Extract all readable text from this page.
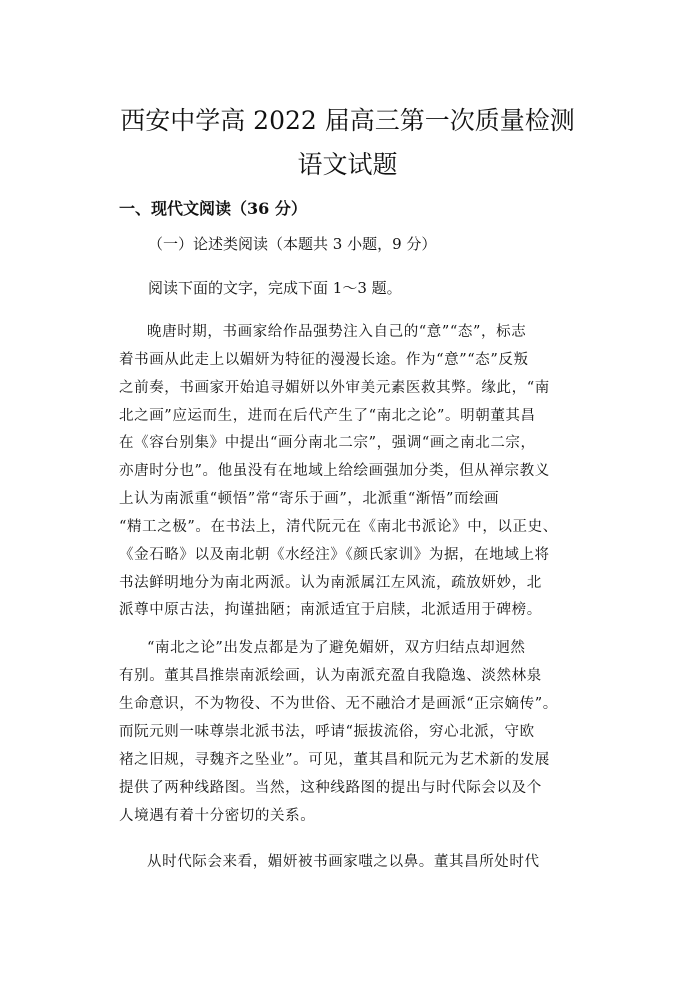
西安中学高 2022 届高三第一次质量检测
语文试题
一、现代文阅读（36 分）
（一）论述类阅读（本题共 3 小题，9 分）
阅读下面的文字，完成下面 1～3 题。
晚唐时期，书画家给作品强势注入自己的“意”“态”，标志
着书画从此走上以媚妍为特征的漫漫长途。作为“意”“态”反叛
之前奏，书画家开始追寻媚妍以外审美元素医救其弊。缘此，“南
北之画”应运而生，进而在后代产生了“南北之论”。明朝董其昌
在《容台别集》中提出“画分南北二宗”，强调“画之南北二宗，
亦唐时分也”。他虽没有在地域上给绘画强加分类，但从禅宗教义
上认为南派重“顿悟”常“寄乐于画”，北派重“渐悟”而绘画
“精工之极”。在书法上，清代阮元在《南北书派论》中，以正史、
《金石略》以及南北朝《水经注》《颜氏家训》为据，在地域上将
书法鲜明地分为南北两派。认为南派属江左风流，疏放妍妙，北
派尊中原古法，拘谨拙陋；南派适宜于启牍，北派适用于碑榜。
“南北之论”出发点都是为了避免媚妍，双方归结点却迥然
有别。董其昌推崇南派绘画，认为南派充盈自我隐逸、淡然林泉
生命意识，不为物役、不为世俗、无不融洽才是画派“正宗嫡传”。
而阮元则一味尊崇北派书法，呼请“振拔流俗，穷心北派，守欧
褚之旧规，寻魏齐之坠业”。可见，董其昌和阮元为艺术新的发展
提供了两种线路图。当然，这种线路图的提出与时代际会以及个
人境遇有着十分密切的关系。
从时代际会来看，媚妍被书画家嗤之以鼻。董其昌所处时代
